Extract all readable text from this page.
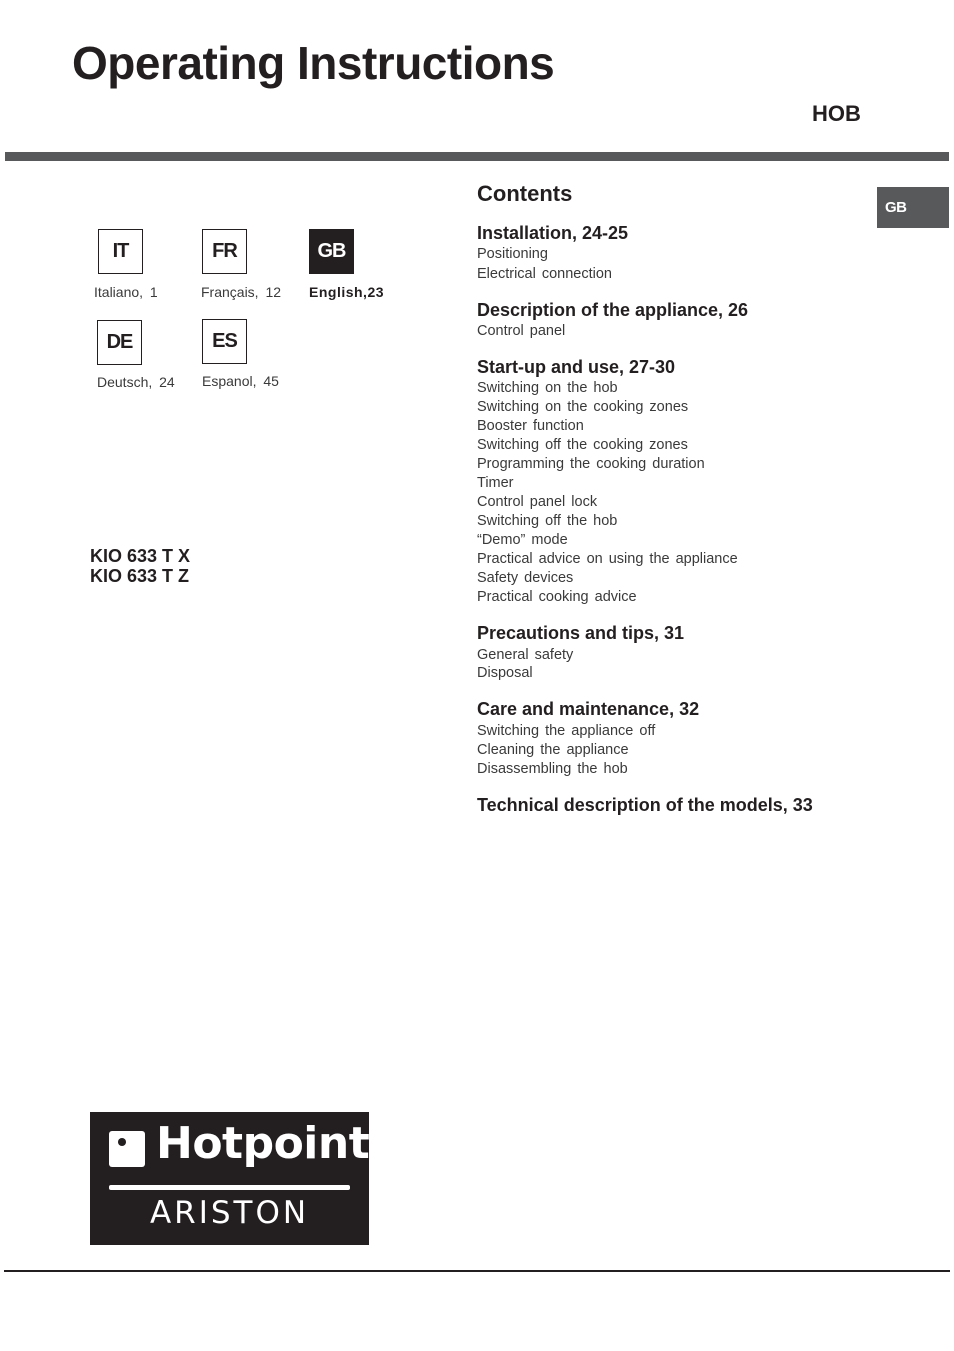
Operating Instructions
HOB
GB
IT
Italiano, 1
FR
Français, 12
GB
English,23
DE
Deutsch, 24
ES
Espanol, 45
KIO 633 T X
KIO 633 T Z
Contents
Installation, 24-25
Positioning
Electrical connection
Description of the appliance, 26
Control panel
Start-up and use, 27-30
Switching on the hob
Switching on the cooking zones
Booster function
Switching off the cooking zones
Programming the cooking duration
Timer
Control panel lock
Switching off the hob
“Demo” mode
Practical advice on using the appliance
Safety devices
Practical cooking advice
Precautions and tips, 31
General safety
Disposal
Care and maintenance, 32
Switching the appliance off
Cleaning the appliance
Disassembling the hob
Technical description of the models, 33
Hotpoint
ARISTON
